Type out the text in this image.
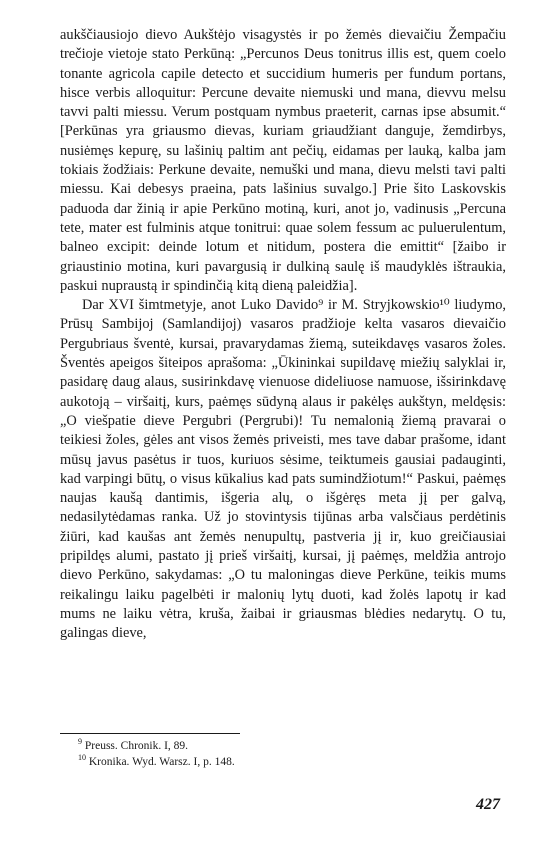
aukščiausiojo dievo Aukštėjo visagystės ir po žemės dievaičiu Žempačiu trečioje vietoje stato Perkūną: „Percunos Deus tonitrus illis est, quem coelo tonante agricola capile detecto et succidium humeris per fundum portans, hisce verbis alloquitur: Percune devaite niemuski und mana, dievvu melsu tavvi palti miessu. Verum postquam nymbus praeterit, carnas ipse absumit.“ [Perkūnas yra griausmo dievas, kuriam griaudžiant danguje, žemdirbys, nusiėmęs kepurę, su lašinių paltim ant pečių, eidamas per lauką, kalba jam tokiais žodžiais: Perkune devaite, nemuški und mana, dievu melsti tavi palti miessu. Kai debesys praeina, pats lašinius suvalgo.] Prie šito Laskovskis paduoda dar žinią ir apie Perkūno motiną, kuri, anot jo, vadinusis „Percuna tete, mater est fulminis atque tonitrui: quae solem fessum ac puluerulentum, balneo excipit: deinde lotum et nitidum, postera die emittit“ [žaibo ir griaustinio motina, kuri pavargusią ir dulkiną saulę iš maudyklės ištraukia, paskui nupraustą ir spindinčią kitą dieną paleidžia].

Dar XVI šimtmetyje, anot Luko Davido⁹ ir M. Stryjkowskio¹⁰ liudymo, Prūsų Sambijoj (Samlandijoj) vasaros pradžioje kelta vasaros dievaičio Pergubriaus šventė, kursai, pravarydamas žiemą, suteikdavęs vasaros žoles. Šventės apeigos šiteipos aprašoma: „Ūkininkai supildavę miežių salyklai ir, pasidarę daug alaus, susirinkdavę vienuose dideliuose namuose, išsirinkdavę aukotoją – viršaitį, kurs, paėmęs sūdyną alaus ir pakėlęs aukštyn, meldęsis: „O viešpatie dieve Pergubri (Pergrubi)! Tu nemalonią žiemą pravarai o teikiesi žoles, gėles ant visos žemės priveisti, mes tave dabar prašome, idant mūsų javus pasėtus ir tuos, kuriuos sėsime, teiktumeis gausiai padauginti, kad varpingi būtų, o visus kūkalius kad pats sumindžiotum!“ Paskui, paėmęs naujas kaušą dantimis, išgeria alų, o išgėręs meta jį per galvą, nedasilytėdamas ranka. Už jo stovintysis tijūnas arba valsčiaus perdėtinis žiūri, kad kaušas ant žemės nenupultų, pastveria jį ir, kuo greičiausiai pripildęs alumi, pastato jį prieš viršaitį, kursai, jį paėmęs, meldžia antrojo dievo Perkūno, sakydamas: „O tu maloningas dieve Perkūne, teikis mums reikalingu laiku pagelbėti ir malonių lytų duoti, kad žolės lapotų ir kad mums ne laiku vėtra, kruša, žaibai ir griausmas blėdies nedarytų. O tu, galingas dieve,

$^9$ Preuss. Chronik. I, 89.
$^{10}$ Kronika. Wyd. Warsz. I, p. 148.
427
